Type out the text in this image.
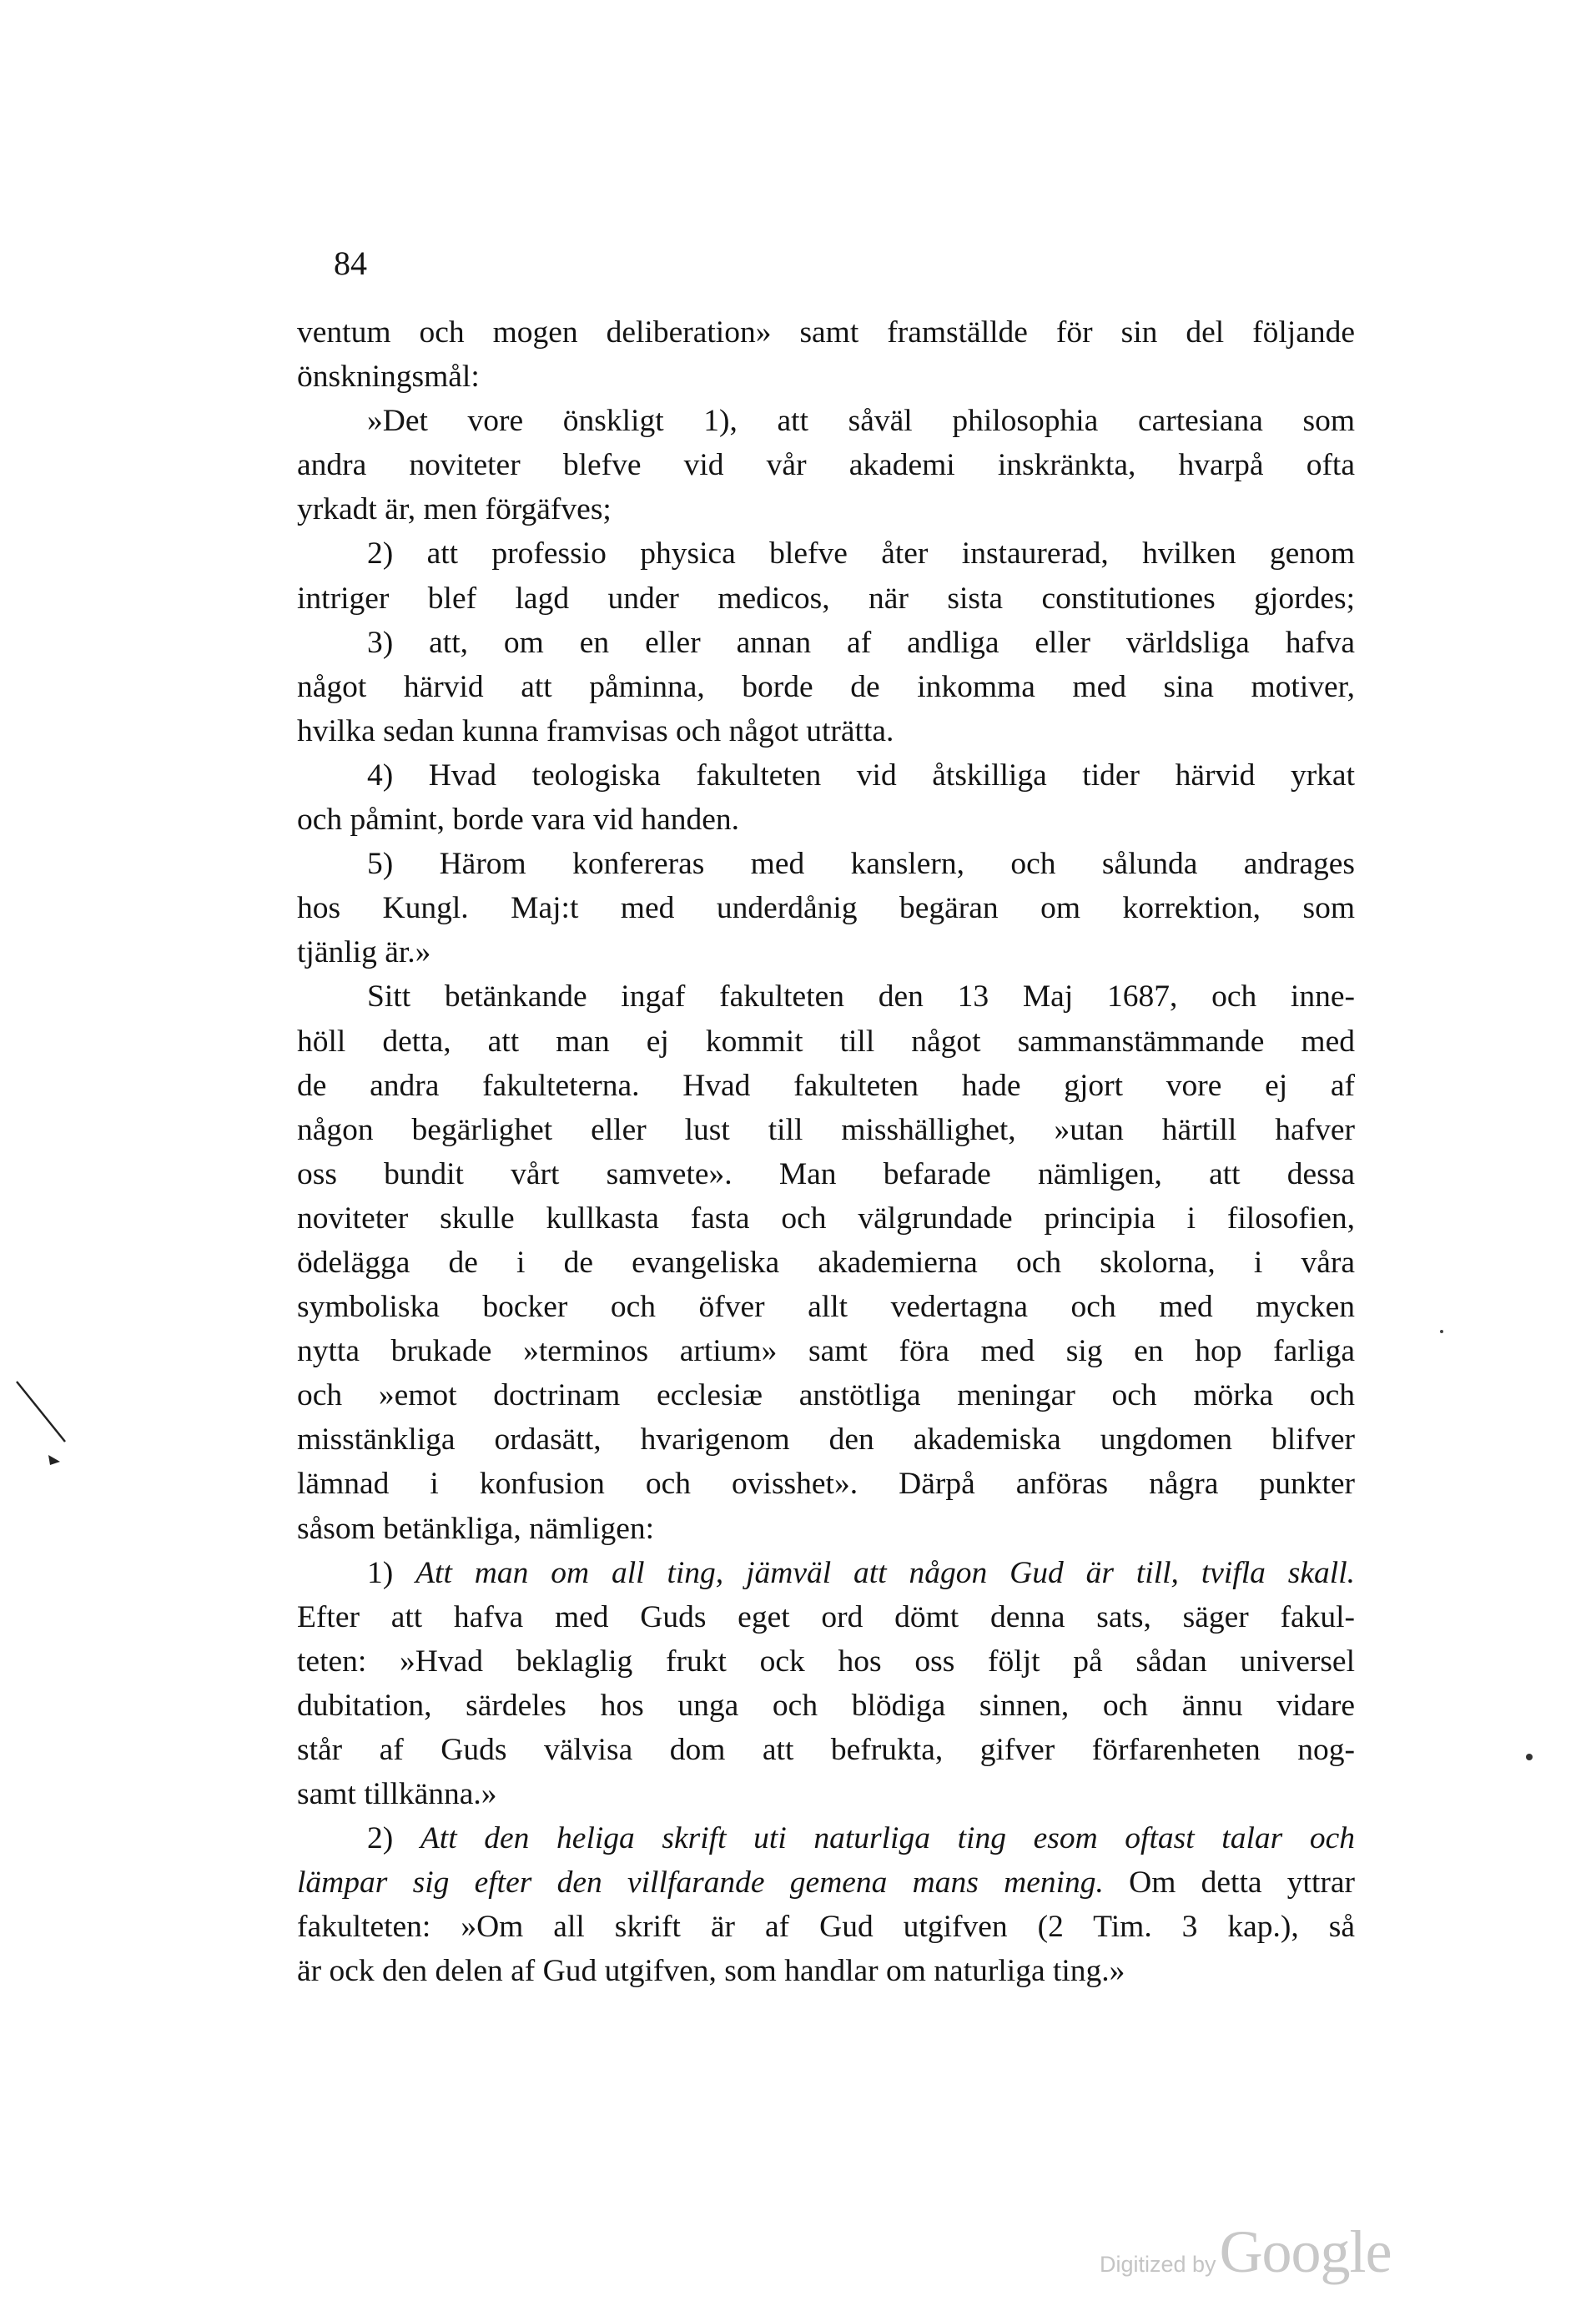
84
ventum och mogen deliberation» samt framställde för sin del följande
önskningsmål:
»Det vore önskligt 1), att såväl philosophia cartesiana som
andra noviteter blefve vid vår akademi inskränkta, hvarpå ofta
yrkadt är, men förgäfves;
2) att professio physica blefve åter instaurerad, hvilken genom
intriger blef lagd under medicos, när sista constitutiones gjordes;
3) att, om en eller annan af andliga eller världsliga hafva
något härvid att påminna, borde de inkomma med sina motiver,
hvilka sedan kunna framvisas och något uträtta.
4) Hvad teologiska fakulteten vid åtskilliga tider härvid yrkat
och påmint, borde vara vid handen.
5) Härom konfereras med kanslern, och sålunda andrages
hos Kungl. Maj:t med underdånig begäran om korrektion, som
tjänlig är.»
Sitt betänkande ingaf fakulteten den 13 Maj 1687, och inne-
höll detta, att man ej kommit till något sammanstämmande med
de andra fakulteterna. Hvad fakulteten hade gjort vore ej af
någon begärlighet eller lust till misshällighet, »utan härtill hafver
oss bundit vårt samvete». Man befarade nämligen, att dessa
noviteter skulle kullkasta fasta och välgrundade principia i filosofien,
ödelägga de i de evangeliska akademierna och skolorna, i våra
symboliska bocker och öfver allt vedertagna och med mycken
nytta brukade »terminos artium» samt föra med sig en hop farliga
och »emot doctrinam ecclesiæ anstötliga meningar och mörka och
misstänkliga ordasätt, hvarigenom den akademiska ungdomen blifver
lämnad i konfusion och ovisshet». Därpå anföras några punkter
såsom betänkliga, nämligen:
1) Att man om all ting, jämväl att någon Gud är till, tvifla skall.
Efter att hafva med Guds eget ord dömt denna sats, säger fakul-
teten: »Hvad beklaglig frukt ock hos oss följt på sådan universel
dubitation, särdeles hos unga och blödiga sinnen, och ännu vidare
står af Guds välvisa dom att befrukta, gifver förfarenheten nog-
samt tillkänna.»
2) Att den heliga skrift uti naturliga ting esom oftast talar och
lämpar sig efter den villfarande gemena mans mening. Om detta yttrar
fakulteten: »Om all skrift är af Gud utgifven (2 Tim. 3 kap.), så
är ock den delen af Gud utgifven, som handlar om naturliga ting.»
Digitized byGoogle
